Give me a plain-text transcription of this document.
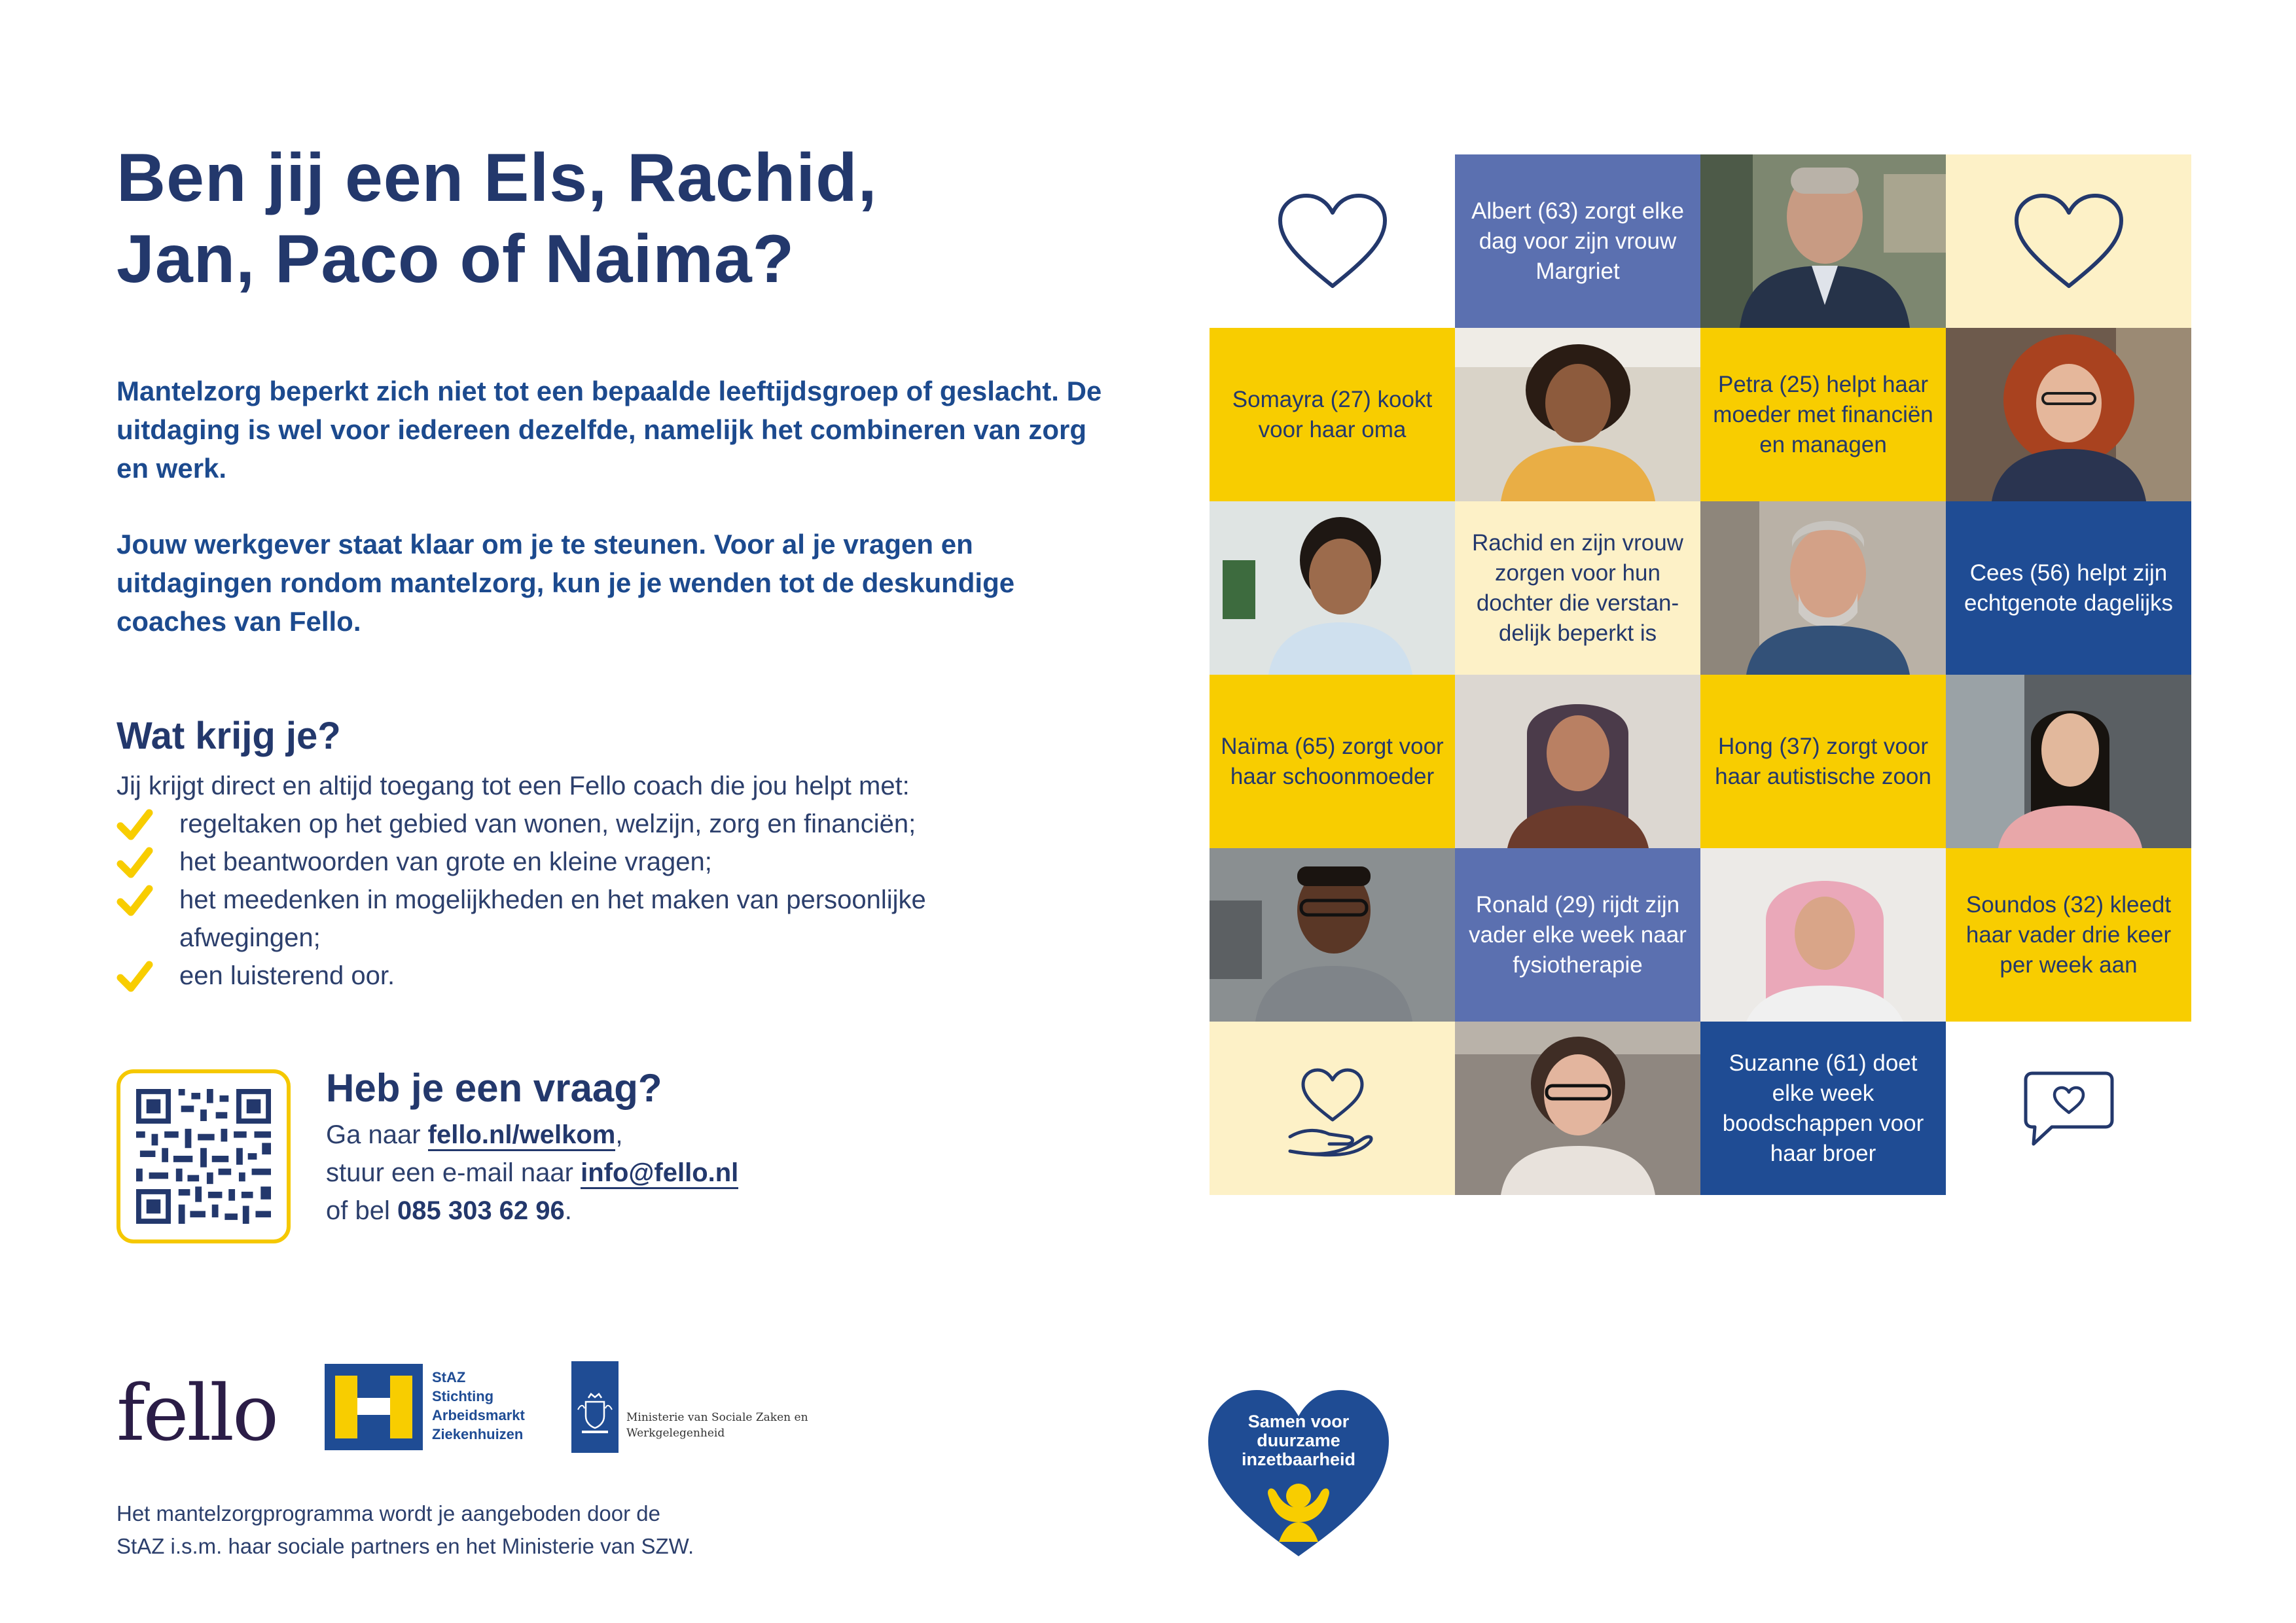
Ben jij een Els, Rachid,
Jan, Paco of Naima?

Mantelzorg beperkt zich niet tot een bepaalde leeftijdsgroep of geslacht. De uitdaging is wel voor iedereen dezelfde, namelijk het combineren van zorg en werk.

Jouw werkgever staat klaar om je te steunen. Voor al je vragen en uitdagingen rondom mantelzorg, kun je je wenden tot de deskundige coaches van Fello.

Wat krijg je?
Jij krijgt direct en altijd toegang tot een Fello coach die jou helpt met:
regeltaken op het gebied van wonen, welzijn, zorg en financiën;
het beantwoorden van grote en kleine vragen;
het meedenken in mogelijkheden en het maken van persoonlijke afwegingen;
een luisterend oor.
Heb je een vraag?
Ga naar fello.nl/welkom,
stuur een e-mail naar info@fello.nl
of bel 085 303 62 96.
Albert (63) zorgt elke dag voor zijn vrouw Margriet
Somayra (27) kookt voor haar oma
Petra (25) helpt haar moeder met financiën en managen
Rachid en zijn vrouw zorgen voor hun dochter die verstan-delijk beperkt is
Cees (56) helpt zijn echtgenote dagelijks
Naïma (65) zorgt voor haar schoonmoeder
Hong (37) zorgt voor haar autistische zoon
Ronald (29) rijdt zijn vader elke week naar fysiotherapie
Soundos (32) kleedt haar vader drie keer per week aan
Suzanne (61) doet elke week boodschappen voor haar broer
fello	StAZ
Stichting
Arbeidsmarkt
Ziekenhuizen
Ministerie van Sociale Zaken en
Werkgelegenheid
Het mantelzorgprogramma wordt je aangeboden door de
StAZ i.s.m. haar sociale partners en het Ministerie van SZW.
Samen voor
duurzame
inzetbaarheid
